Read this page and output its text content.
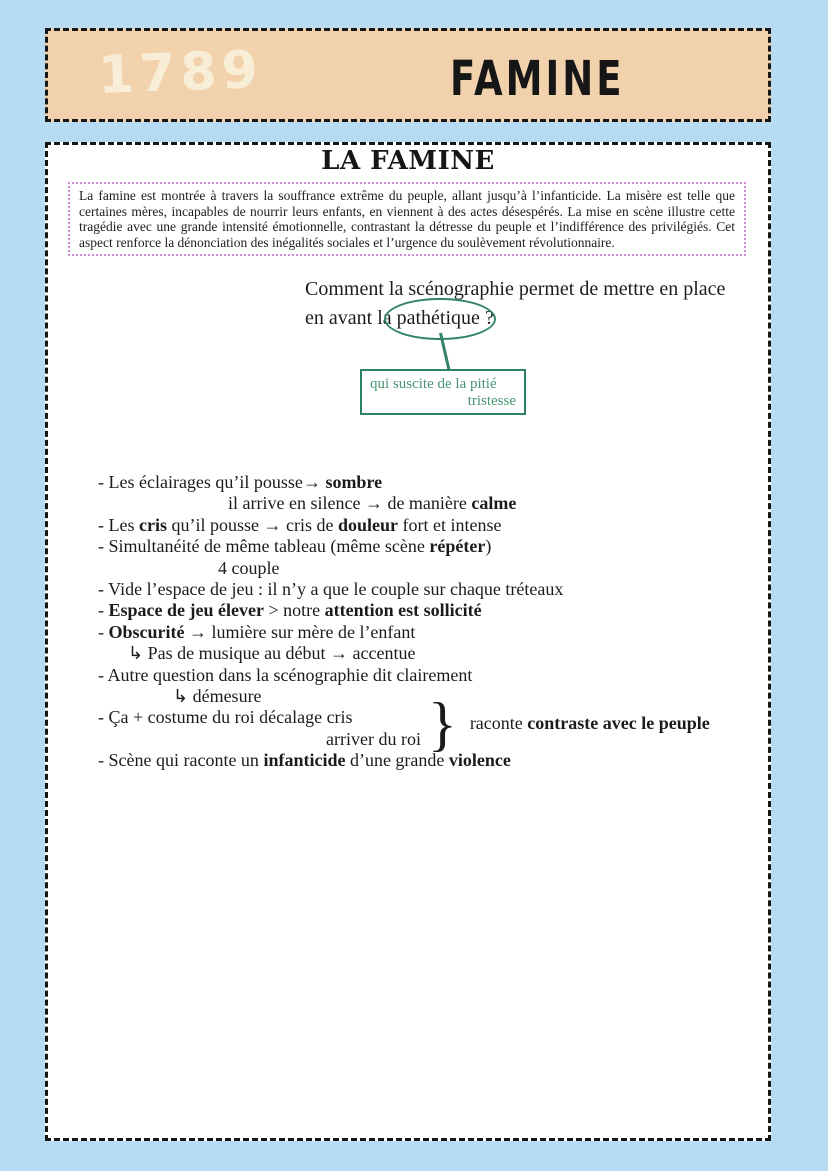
1789	FAMINE
LA FAMINE

La famine est montrée à travers la souffrance extrême du peuple, allant jusqu’à l’infanticide. La misère est telle que certaines mères, incapables de nourrir leurs enfants, en viennent à des actes désespérés. La mise en scène illustre cette tragédie avec une grande intensité émotionnelle, contrastant la détresse du peuple et l’indifférence des privilégiés. Cet aspect renforce la dénonciation des inégalités sociales et l’urgence du soulèvement révolutionnaire.

Comment la scénographie permet de mettre en place
en avant la
pathétique ?
qui suscite de la pitié
tristesse
- Les éclairages qu’il pousse→ sombre
il arrive en silence → de manière calme
- Les cris qu’il pousse → cris de douleur fort et intense
- Simultanéité de même tableau (même scène répéter)
4 couple
- Vide l’espace de jeu : il n’y a que le couple sur chaque tréteaux
- Espace de jeu élever > notre attention est sollicité
- Obscurité → lumière sur mère de l’enfant
↳ Pas de musique au début → accentue
- Autre question dans la scénographie dit clairement
↳ démesure
- Ça + costume du roi décalage cris
arriver du roi
- Scène qui raconte un infanticide d’une grande violence
} raconte contraste avec le peuple
